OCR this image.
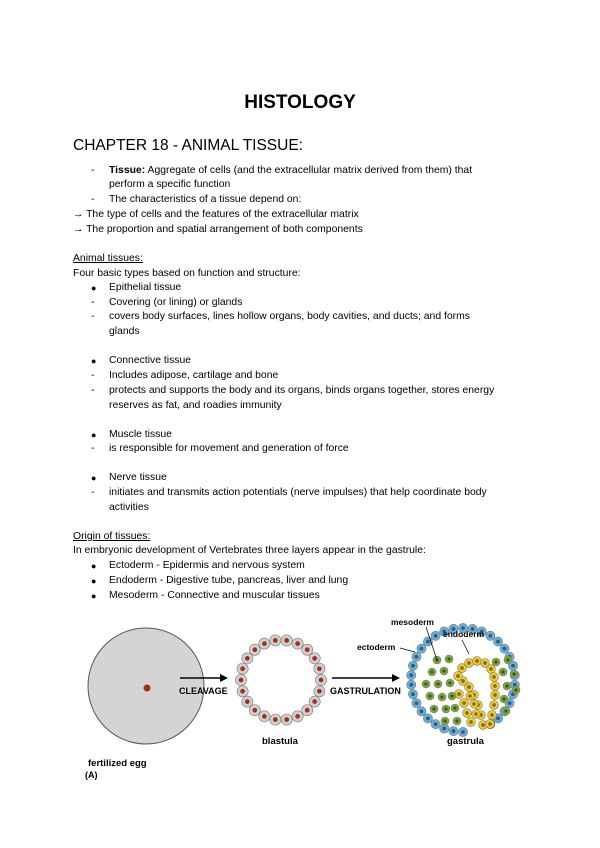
HISTOLOGY
CHAPTER 18 - ANIMAL TISSUE:
- Tissue: Aggregate of cells (and the extracellular matrix derived from them) that
perform a specific function
- The characteristics of a tissue depend on:
→ The type of cells and the features of the extracellular matrix
→ The proportion and spatial arrangement of both components
Animal tissues:
Four basic types based on function and structure:
● Epithelial tissue
- Covering (or lining) or glands
- covers body surfaces, lines hollow organs, body cavities, and ducts; and forms
glands
● Connective tissue
- Includes adipose, cartilage and bone
- protects and supports the body and its organs, binds organs together, stores energy
reserves as fat, and roadies immunity
● Muscle tissue
- is responsible for movement and generation of force
● Nerve tissue
- initiates and transmits action potentials (nerve impulses) that help coordinate body
activities
Origin of tissues:
In embryonic development of Vertebrates three layers appear in the gastrule:
● Ectoderm - Epidermis and nervous system
● Endoderm - Digestive tube, pancreas, liver and lung
● Mesoderm - Connective and muscular tissues
fertilized egg
(A)
CLEAVAGE
blastula
GASTRULATION
gastrula
mesoderm
endoderm
ectoderm
